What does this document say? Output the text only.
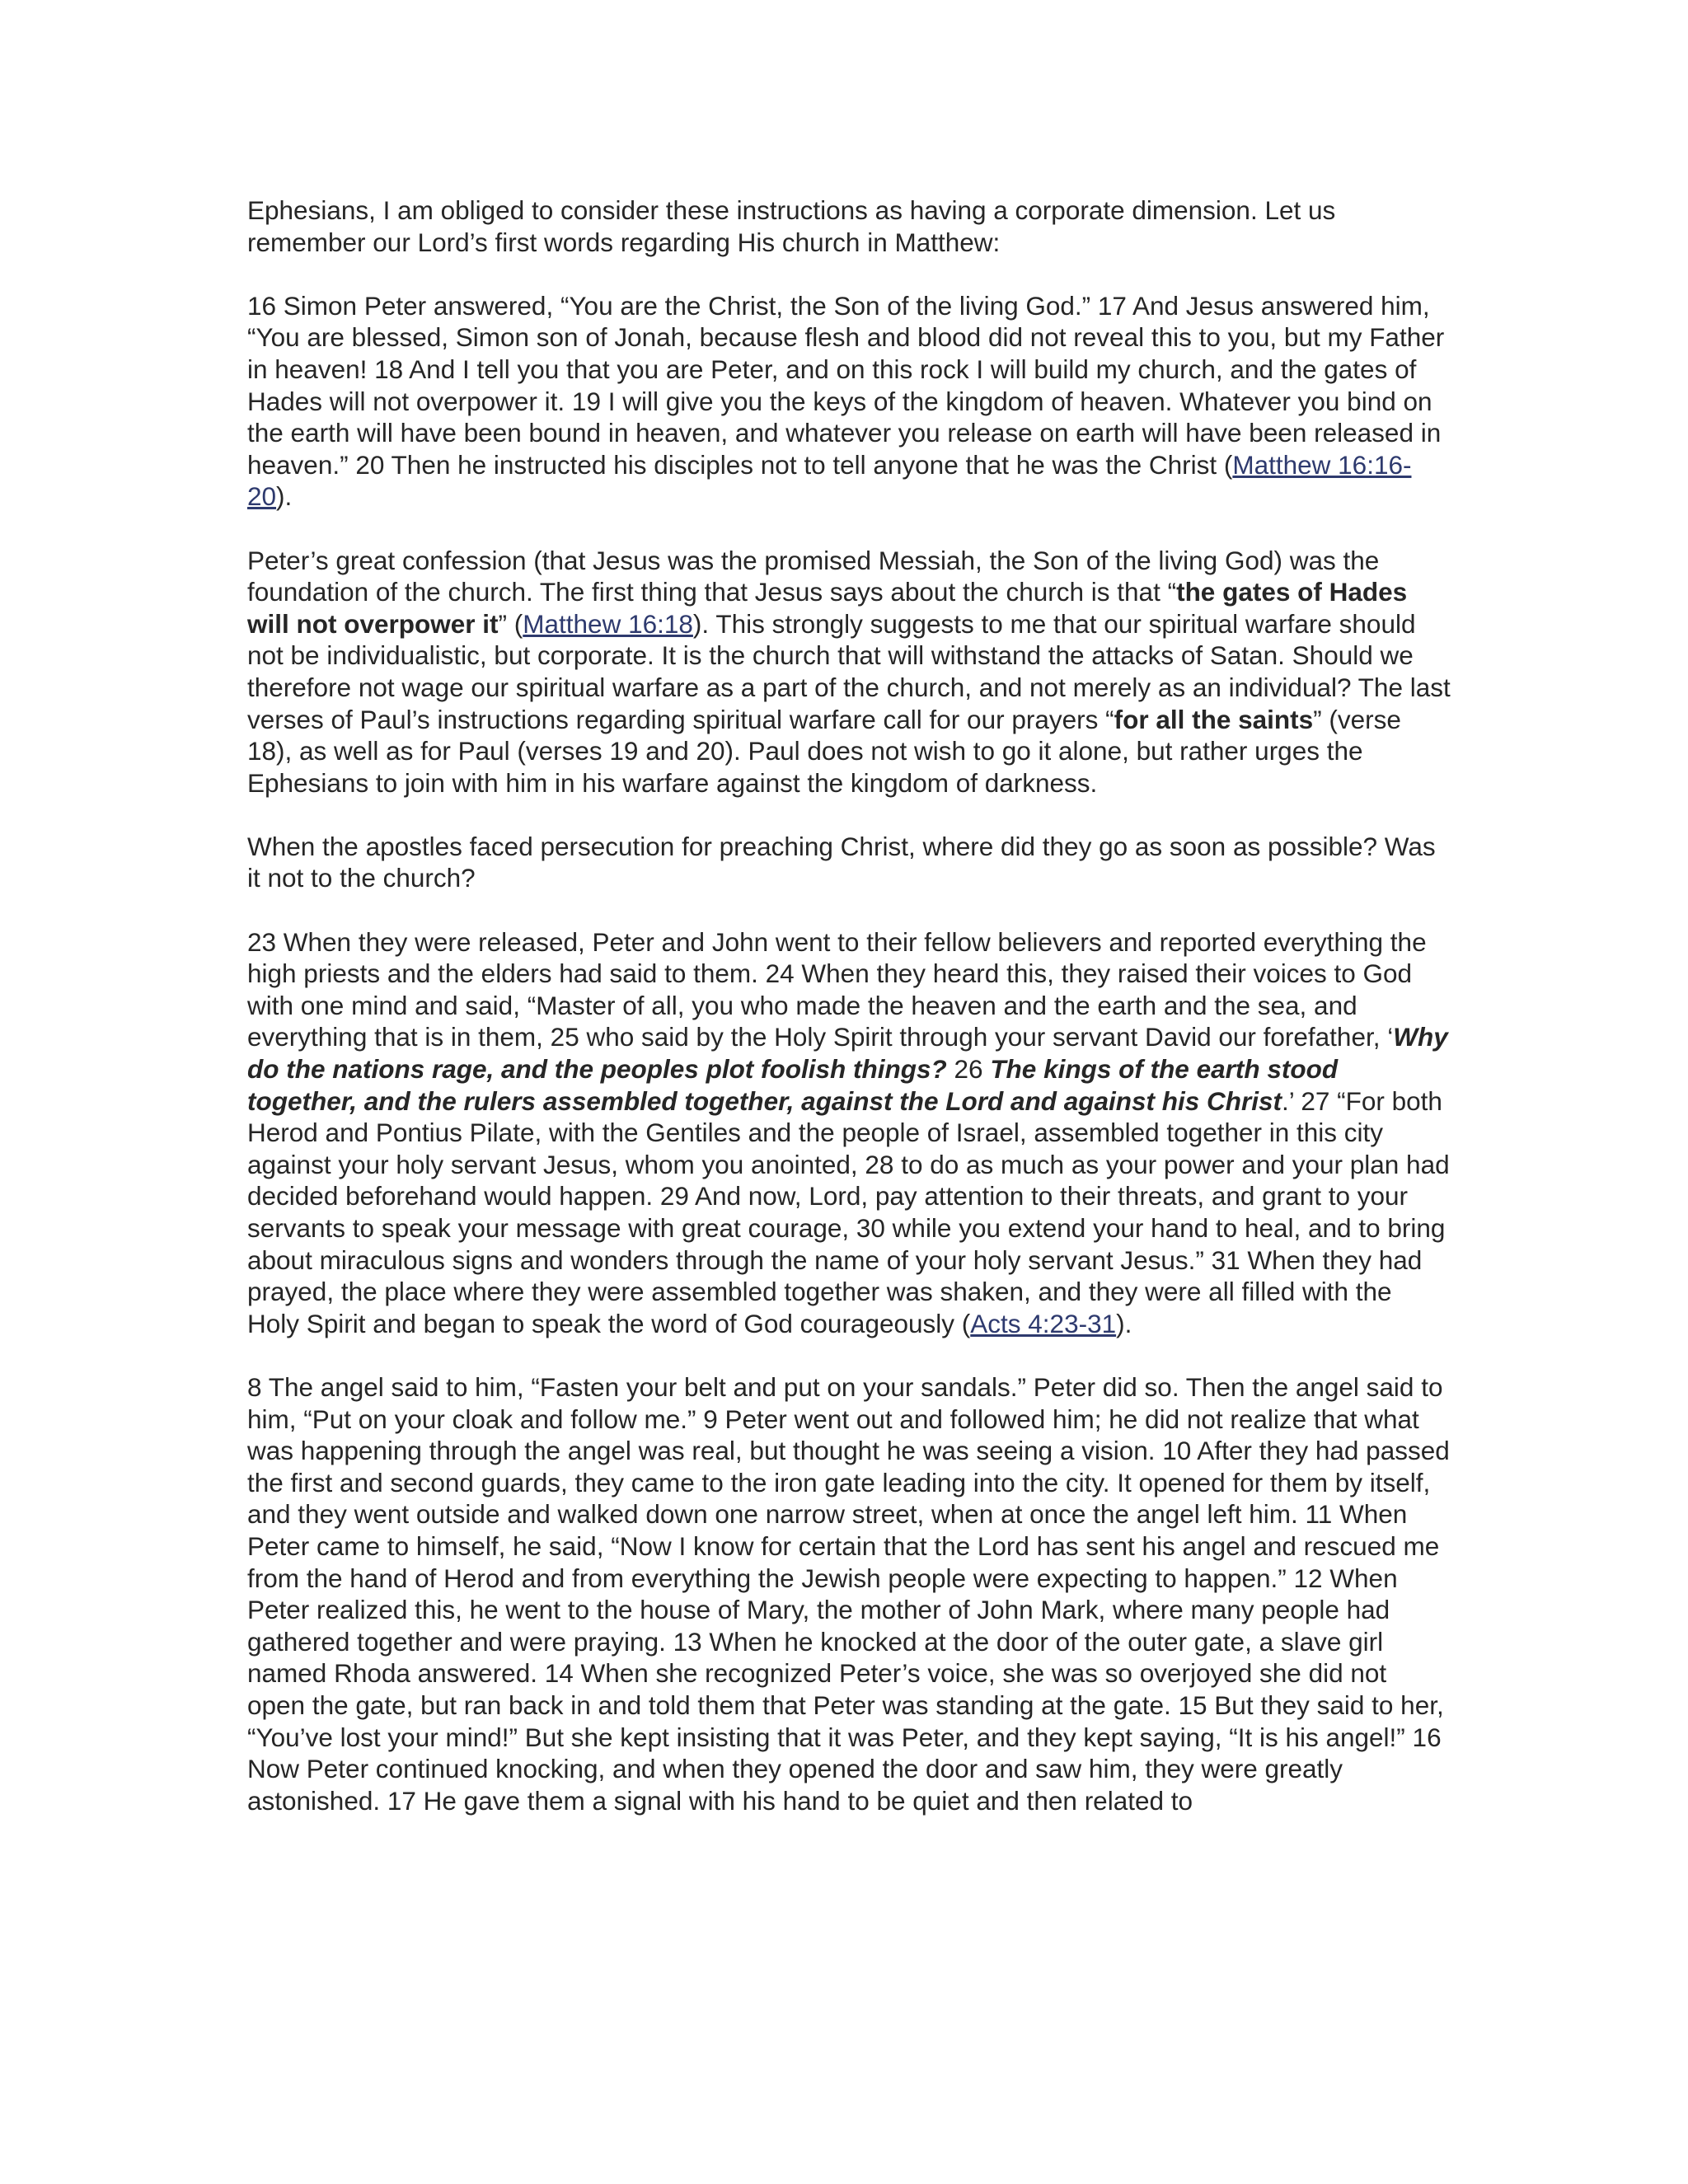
Ephesians, I am obliged to consider these instructions as having a corporate dimension. Let us remember our Lord’s first words regarding His church in Matthew:

16 Simon Peter answered, “You are the Christ, the Son of the living God.” 17 And Jesus answered him, “You are blessed, Simon son of Jonah, because flesh and blood did not reveal this to you, but my Father in heaven! 18 And I tell you that you are Peter, and on this rock I will build my church, and the gates of Hades will not overpower it. 19 I will give you the keys of the kingdom of heaven. Whatever you bind on the earth will have been bound in heaven, and whatever you release on earth will have been released in heaven.” 20 Then he instructed his disciples not to tell anyone that he was the Christ (Matthew 16:16-20).

Peter’s great confession (that Jesus was the promised Messiah, the Son of the living God) was the foundation of the church. The first thing that Jesus says about the church is that “the gates of Hades will not overpower it” (Matthew 16:18). This strongly suggests to me that our spiritual warfare should not be individualistic, but corporate. It is the church that will withstand the attacks of Satan. Should we therefore not wage our spiritual warfare as a part of the church, and not merely as an individual? The last verses of Paul’s instructions regarding spiritual warfare call for our prayers “for all the saints” (verse 18), as well as for Paul (verses 19 and 20). Paul does not wish to go it alone, but rather urges the Ephesians to join with him in his warfare against the kingdom of darkness.

When the apostles faced persecution for preaching Christ, where did they go as soon as possible? Was it not to the church?

23 When they were released, Peter and John went to their fellow believers and reported everything the high priests and the elders had said to them. 24 When they heard this, they raised their voices to God with one mind and said, “Master of all, you who made the heaven and the earth and the sea, and everything that is in them, 25 who said by the Holy Spirit through your servant David our forefather, ‘Why do the nations rage, and the peoples plot foolish things? 26 The kings of the earth stood together, and the rulers assembled together, against the Lord and against his Christ.’ 27 “For both Herod and Pontius Pilate, with the Gentiles and the people of Israel, assembled together in this city against your holy servant Jesus, whom you anointed, 28 to do as much as your power and your plan had decided beforehand would happen. 29 And now, Lord, pay attention to their threats, and grant to your servants to speak your message with great courage, 30 while you extend your hand to heal, and to bring about miraculous signs and wonders through the name of your holy servant Jesus.” 31 When they had prayed, the place where they were assembled together was shaken, and they were all filled with the Holy Spirit and began to speak the word of God courageously (Acts 4:23-31).

8 The angel said to him, “Fasten your belt and put on your sandals.” Peter did so. Then the angel said to him, “Put on your cloak and follow me.” 9 Peter went out and followed him; he did not realize that what was happening through the angel was real, but thought he was seeing a vision. 10 After they had passed the first and second guards, they came to the iron gate leading into the city. It opened for them by itself, and they went outside and walked down one narrow street, when at once the angel left him. 11 When Peter came to himself, he said, “Now I know for certain that the Lord has sent his angel and rescued me from the hand of Herod and from everything the Jewish people were expecting to happen.” 12 When Peter realized this, he went to the house of Mary, the mother of John Mark, where many people had gathered together and were praying. 13 When he knocked at the door of the outer gate, a slave girl named Rhoda answered. 14 When she recognized Peter’s voice, she was so overjoyed she did not open the gate, but ran back in and told them that Peter was standing at the gate. 15 But they said to her, “You’ve lost your mind!” But she kept insisting that it was Peter, and they kept saying, “It is his angel!” 16 Now Peter continued knocking, and when they opened the door and saw him, they were greatly astonished. 17 He gave them a signal with his hand to be quiet and then related to
